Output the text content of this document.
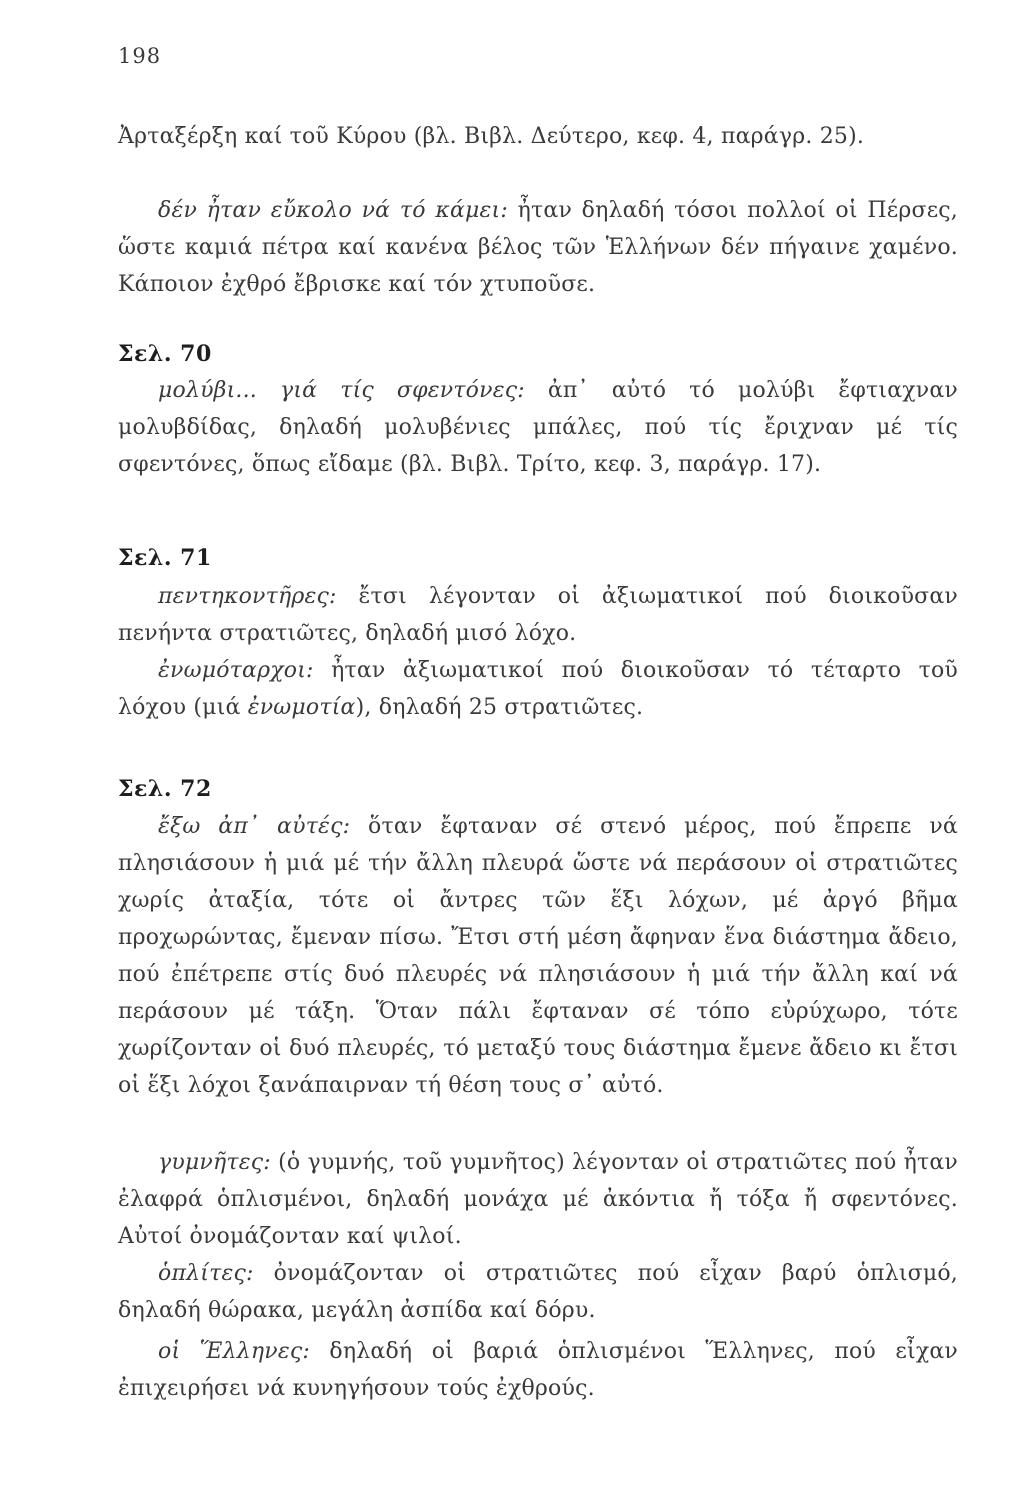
198
Ἀρταξέρξη καί τοῦ Κύρου (βλ. Βιβλ. Δεύτερο, κεφ. 4, παράγρ. 25).
δέν ἦταν εὔκολο νά τό κάμει: ἦταν δηλαδή τόσοι πολλοί οἱ Πέρσες, ὥστε καμιά πέτρα καί κανένα βέλος τῶν Ἑλλήνων δέν πήγαινε χαμένο. Κάποιον ἐχθρό ἔβρισκε καί τόν χτυποῦσε.
Σελ. 70
μολύβι... γιά τίς σφεντόνες: ἀπ᾿ αὐτό τό μολύβι ἔφτιαχναν μολυβδίδας, δηλαδή μολυβένιες μπάλες, πού τίς ἔριχναν μέ τίς σφεντόνες, ὅπως εἴδαμε (βλ. Βιβλ. Τρίτο, κεφ. 3, παράγρ. 17).
Σελ. 71
πεντηκοντῆρες: ἔτσι λέγονταν οἱ ἀξιωματικοί πού διοικοῦσαν πενήντα στρατιῶτες, δηλαδή μισό λόχο.
ἐνωμόταρχοι: ἦταν ἀξιωματικοί πού διοικοῦσαν τό τέταρτο τοῦ λόχου (μιά ἐνωμοτία), δηλαδή 25 στρατιῶτες.
Σελ. 72
ἔξω ἀπ᾿ αὐτές: ὅταν ἔφταναν σέ στενό μέρος, πού ἔπρεπε νά πλησιάσουν ἡ μιά μέ τήν ἄλλη πλευρά ὥστε νά περάσουν οἱ στρατιῶτες χωρίς ἀταξία, τότε οἱ ἄντρες τῶν ἕξι λόχων, μέ ἀργό βῆμα προχωρώντας, ἔμεναν πίσω. Ἔτσι στή μέση ἄφηναν ἕνα διάστημα ἄδειο, πού ἐπέτρεπε στίς δυό πλευρές νά πλησιάσουν ἡ μιά τήν ἄλλη καί νά περάσουν μέ τάξη. Ὅταν πάλι ἔφταναν σέ τόπο εὐρύχωρο, τότε χωρίζονταν οἱ δυό πλευρές, τό μεταξύ τους διάστημα ἔμενε ἄδειο κι ἔτσι οἱ ἕξι λόχοι ξανάπαιρναν τή θέση τους σ᾿ αὐτό.
γυμνῆτες: (ὁ γυμνής, τοῦ γυμνῆτος) λέγονταν οἱ στρατιῶτες πού ἦταν ἐλαφρά ὁπλισμένοι, δηλαδή μονάχα μέ ἀκόντια ἤ τόξα ἤ σφεντόνες. Αὐτοί ὀνομάζονταν καί ψιλοί.
ὁπλίτες: ὀνομάζονταν οἱ στρατιῶτες πού εἶχαν βαρύ ὁπλισμό, δηλαδή θώρακα, μεγάλη ἀσπίδα καί δόρυ.
οἱ Ἕλληνες: δηλαδή οἱ βαριά ὁπλισμένοι Ἕλληνες, πού εἶχαν ἐπιχειρήσει νά κυνηγήσουν τούς ἐχθρούς.
